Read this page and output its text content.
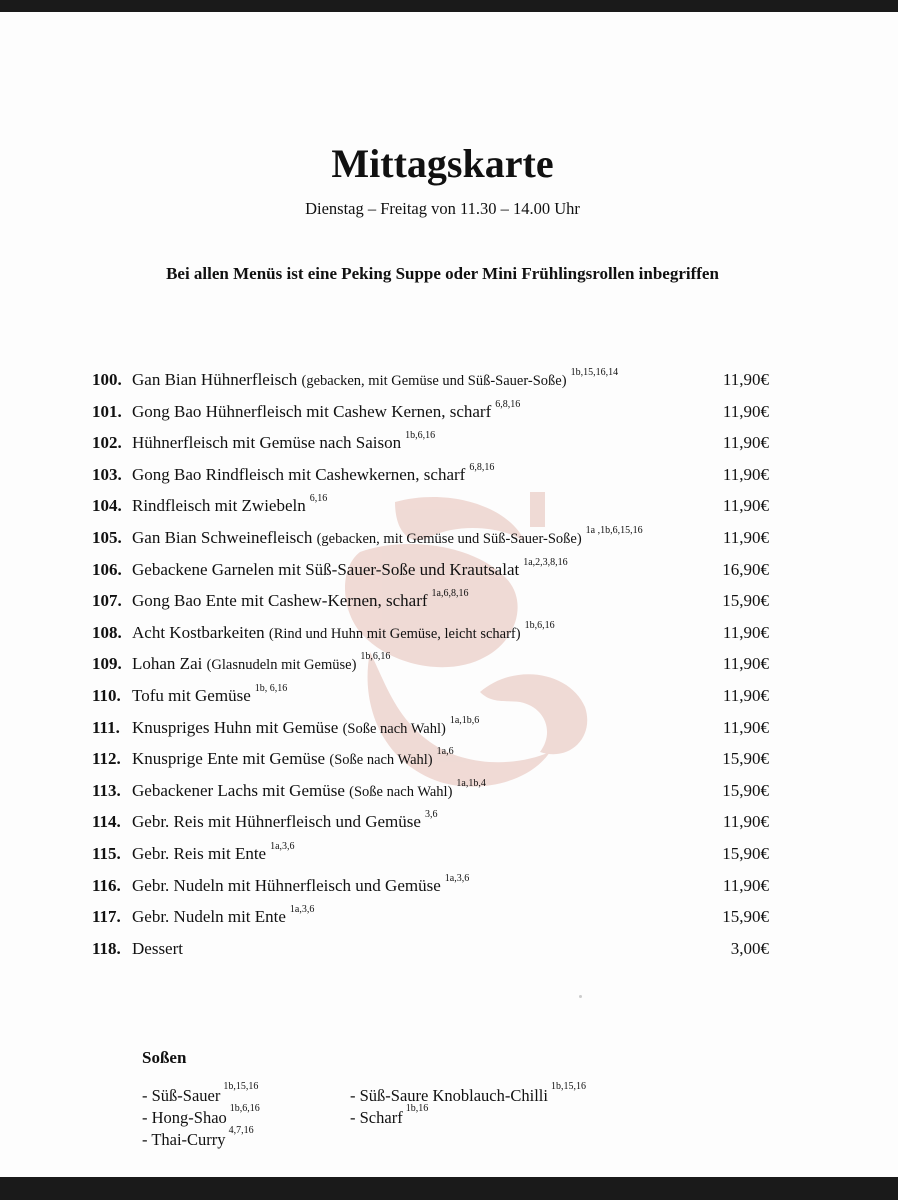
Mittagskarte
Dienstag – Freitag von 11.30 – 14.00 Uhr
Bei allen Menüs ist eine Peking Suppe oder Mini Frühlingsrollen inbegriffen
100. Gan Bian Hühnerfleisch (gebacken, mit Gemüse und Süß-Sauer-Soße)$^{1b,15,16,14}$	11,90€
101. Gong Bao Hühnerfleisch mit Cashew Kernen, scharf $^{6,8,16}$	11,90€
102. Hühnerfleisch mit Gemüse nach Saison $^{1b,6,16}$	11,90€
103. Gong Bao Rindfleisch mit Cashewkernen, scharf $^{6,8,16}$	11,90€
104. Rindfleisch mit Zwiebeln $^{6,16}$	11,90€
105. Gan Bian Schweinefleisch (gebacken, mit Gemüse und Süß-Sauer-Soße)$^{1a ,1b,6,15,16}$	11,90€
106. Gebackene Garnelen mit Süß-Sauer-Soße und Krautsalat $^{1a,2,3,8,16}$	16,90€
107. Gong Bao Ente mit Cashew-Kernen, scharf $^{1a,6,8,16}$	15,90€
108. Acht Kostbarkeiten (Rind und Huhn mit Gemüse, leicht scharf)$^{1b,6,16}$	11,90€
109. Lohan Zai (Glasnudeln mit Gemüse)$^{1b,6,16}$	11,90€
110. Tofu mit Gemüse $^{1b, 6,16}$	11,90€
111. Knuspriges Huhn mit Gemüse (Soße nach Wahl)$^{1a,1b,6}$	11,90€
112. Knusprige Ente mit Gemüse (Soße nach Wahl)$^{1a,6}$	15,90€
113. Gebackener Lachs mit Gemüse (Soße nach Wahl)$^{1a,1b,4}$	15,90€
114. Gebr. Reis mit Hühnerfleisch und Gemüse $^{3,6}$	11,90€
115. Gebr. Reis mit Ente $^{1a,3,6}$	15,90€
116. Gebr. Nudeln mit Hühnerfleisch und Gemüse $^{1a,3,6}$	11,90€
117. Gebr. Nudeln mit Ente $^{1a,3,6}$	15,90€
118. Dessert	3,00€
Soßen
- Süß-Sauer $^{1b,15,16}$
- Hong-Shao $^{1b,6,16}$
- Thai-Curry $^{4,7,16}$
- Süß-Saure Knoblauch-Chilli $^{1b,15,16}$
- Scharf $^{1b,16}$
